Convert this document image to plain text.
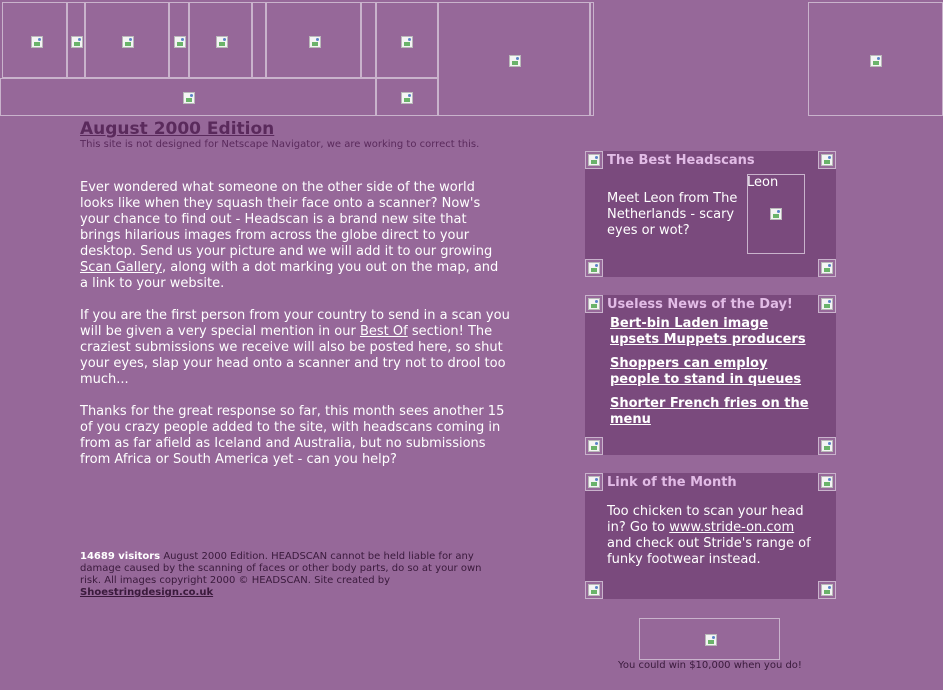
August 2000 Edition
This site is not designed for Netscape Navigator, we are working to correct this.

Ever wondered what someone on the other side of the world looks like when they squash their face onto a scanner? Now's your chance to find out - Headscan is a brand new site that brings hilarious images from across the globe direct to your desktop. Send us your picture and we will add it to our growing Scan Gallery, along with a dot marking you out on the map, and a link to your website.

If you are the first person from your country to send in a scan you will be given a very special mention in our Best Of section! The craziest submissions we receive will also be posted here, so shut your eyes, slap your head onto a scanner and try not to drool too much...

Thanks for the great response so far, this month sees another 15 of you crazy people added to the site, with headscans coming in from as far afield as Iceland and Australia, but no submissions from Africa or South America yet - can you help?

14689 visitors August 2000 Edition. HEADSCAN cannot be held liable for any damage caused by the scanning of faces or other body parts, do so at your own risk. All images copyright 2000 © HEADSCAN. Site created by Shoestringdesign.co.uk
The Best Headscans
Meet Leon from The Netherlands - scary eyes or wot?
Leon
Useless News of the Day!
Bert-bin Laden image upsets Muppets producers
Shoppers can employ people to stand in queues
Shorter French fries on the menu
Link of the Month
Too chicken to scan your head in? Go to www.stride-on.com and check out Stride's range of funky footwear instead.
You could win $10,000 when you do!
